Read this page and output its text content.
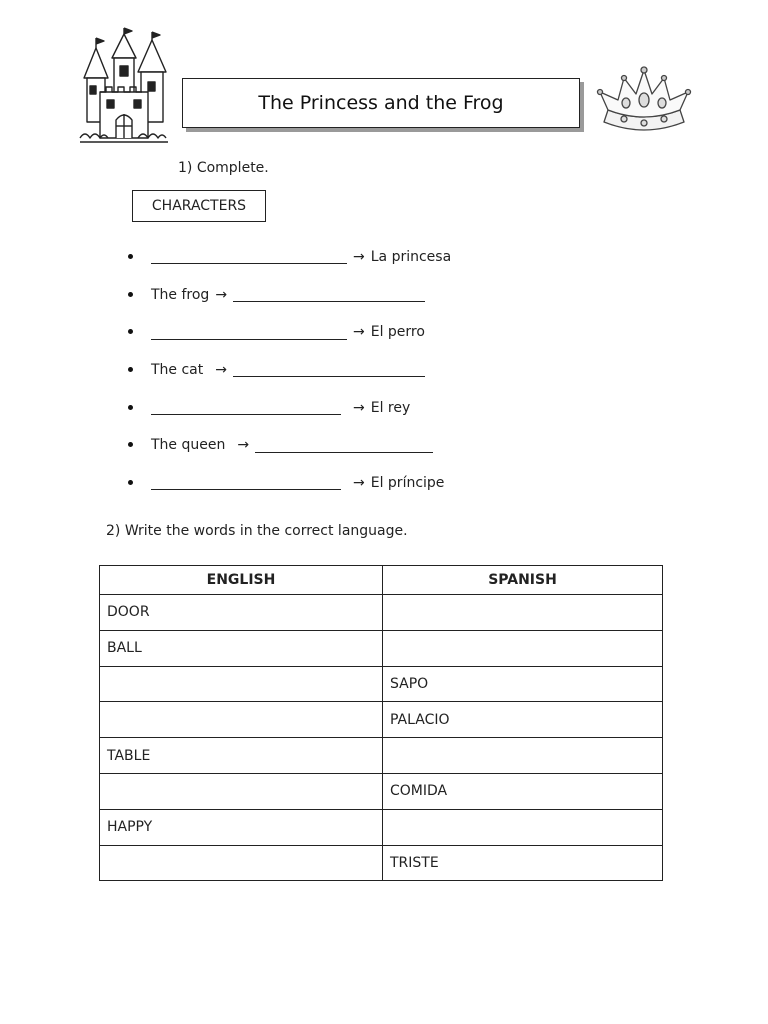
The Princess and the Frog
1) Complete.
CHARACTERS
→ La princesa
The frog →
→ El perro
The cat →
→ El rey
The queen →
→ El príncipe
2) Write the words in the correct language.
ENGLISH	SPANISH
DOOR	
BALL	
	SAPO
	PALACIO
TABLE	
	COMIDA
HAPPY	
	TRISTE
